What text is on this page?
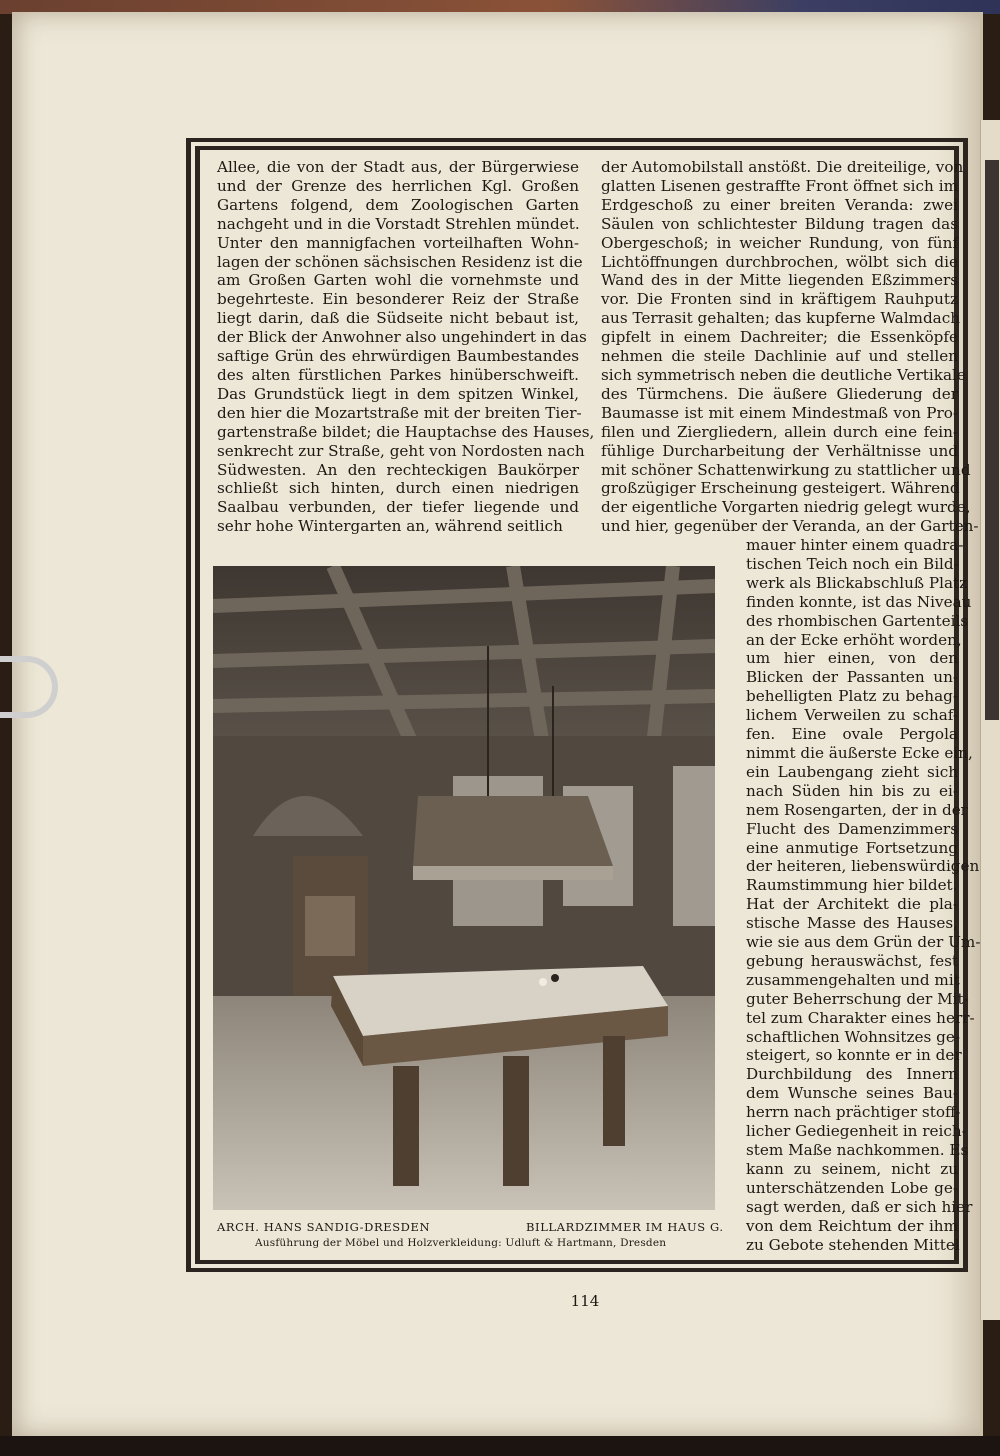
Allee, die von der Stadt aus, der Bürgerwiese
und der Grenze des herrlichen Kgl. Großen
Gartens folgend, dem Zoologischen Garten
nachgeht und in die Vorstadt Strehlen mündet.
Unter den mannigfachen vorteilhaften Wohn-
lagen der schönen sächsischen Residenz ist die
am Großen Garten wohl die vornehmste und
begehrteste. Ein besonderer Reiz der Straße
liegt darin, daß die Südseite nicht bebaut ist,
der Blick der Anwohner also ungehindert in das
saftige Grün des ehrwürdigen Baumbestandes
des alten fürstlichen Parkes hinüberschweift.
Das Grundstück liegt in dem spitzen Winkel,
den hier die Mozartstraße mit der breiten Tier-
gartenstraße bildet; die Hauptachse des Hauses,
senkrecht zur Straße, geht von Nordosten nach
Südwesten. An den rechteckigen Baukörper
schließt sich hinten, durch einen niedrigen
Saalbau verbunden, der tiefer liegende und
sehr hohe Wintergarten an, während seitlich
der Automobilstall anstößt. Die dreiteilige, von
glatten Lisenen gestraffte Front öffnet sich im
Erdgeschoß zu einer breiten Veranda: zwei
Säulen von schlichtester Bildung tragen das
Obergeschoß; in weicher Rundung, von fünf
Lichtöffnungen durchbrochen, wölbt sich die
Wand des in der Mitte liegenden Eßzimmers
vor. Die Fronten sind in kräftigem Rauhputz
aus Terrasit gehalten; das kupferne Walmdach
gipfelt in einem Dachreiter; die Essenköpfe
nehmen die steile Dachlinie auf und stellen
sich symmetrisch neben die deutliche Vertikale
des Türmchens. Die äußere Gliederung der
Baumasse ist mit einem Mindestmaß von Pro-
filen und Ziergliedern, allein durch eine fein-
fühlige Durcharbeitung der Verhältnisse und
mit schöner Schattenwirkung zu stattlicher und
großzügiger Erscheinung gesteigert. Während
der eigentliche Vorgarten niedrig gelegt wurde,
und hier, gegenüber der Veranda, an der Garten-
mauer hinter einem quadra-
tischen Teich noch ein Bild-
werk als Blickabschluß Platz
finden konnte, ist das Niveau
des rhombischen Gartenteils
an der Ecke erhöht worden,
um hier einen, von den
Blicken der Passanten un-
behelligten Platz zu behag-
lichem Verweilen zu schaf-
fen. Eine ovale Pergola
nimmt die äußerste Ecke ein,
ein Laubengang zieht sich
nach Süden hin bis zu ei-
nem Rosengarten, der in der
Flucht des Damenzimmers
eine anmutige Fortsetzung
der heiteren, liebenswürdigen
Raumstimmung hier bildet.
Hat der Architekt die pla-
stische Masse des Hauses,
wie sie aus dem Grün der Um-
gebung herauswächst, fest
zusammengehalten und mit
guter Beherrschung der Mit-
tel zum Charakter eines herr-
schaftlichen Wohnsitzes ge-
steigert, so konnte er in der
Durchbildung des Innern
dem Wunsche seines Bau-
herrn nach prächtiger stoff-
licher Gediegenheit in reich-
stem Maße nachkommen. Es
kann zu seinem, nicht zu
unterschätzenden Lobe ge-
sagt werden, daß er sich hier
von dem Reichtum der ihm
zu Gebote stehenden Mittel
ARCH. HANS SANDIG-DRESDEN	BILLARDZIMMER IM HAUS G.
Ausführung der Möbel und Holzverkleidung: Udluft & Hartmann, Dresden
114
